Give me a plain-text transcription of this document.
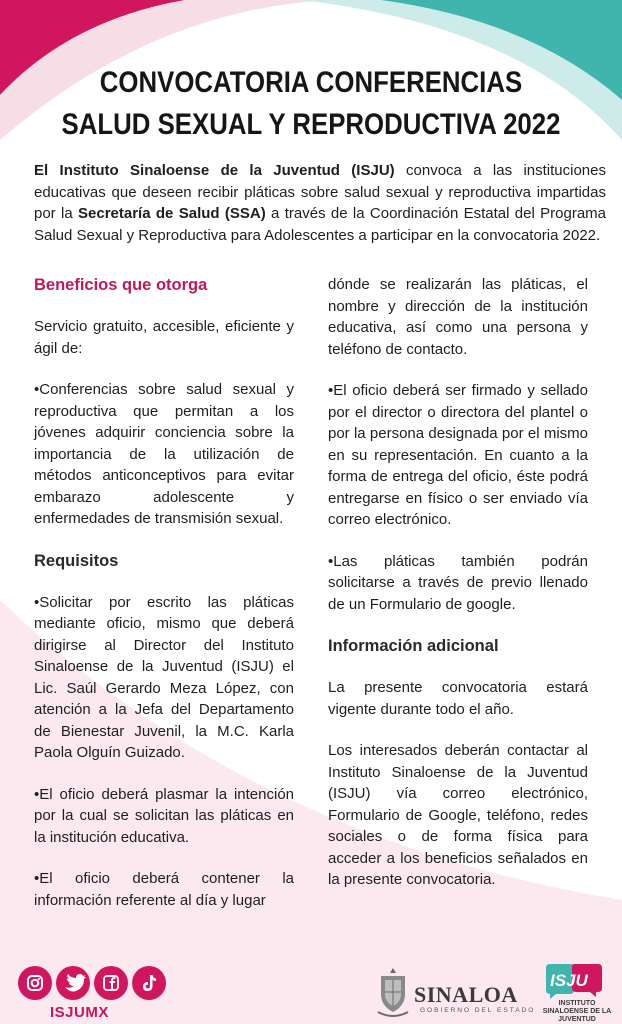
CONVOCATORIA CONFERENCIAS
SALUD SEXUAL Y REPRODUCTIVA 2022
El Instituto Sinaloense de la Juventud (ISJU) convoca a las instituciones educativas que deseen recibir pláticas sobre salud sexual y reproductiva impartidas por la Secretaría de Salud (SSA) a través de la Coordinación Estatal del Programa Salud Sexual y Reproductiva para Adolescentes a participar en la convocatoria 2022.
Beneficios que otorga

Servicio gratuito, accesible, eficiente y ágil de:

•Conferencias sobre salud sexual y reproductiva que permitan a los jóvenes adquirir conciencia sobre la importancia de la utilización de métodos anticonceptivos para evitar embarazo adolescente y enfermedades de transmisión sexual.

Requisitos

•Solicitar por escrito las pláticas mediante oficio, mismo que deberá dirigirse al Director del Instituto Sinaloense de la Juventud (ISJU) el Lic. Saúl Gerardo Meza López, con atención a la Jefa del Departamento de Bienestar Juvenil, la M.C. Karla Paola Olguín Guizado.

•El oficio deberá plasmar la intención por la cual se solicitan las pláticas en la institución educativa.

•El oficio deberá contener la información referente al día y lugar

dónde se realizarán las pláticas, el nombre y dirección de la institución educativa, así como una persona y teléfono de contacto.

•El oficio deberá ser firmado y sellado por el director o directora del plantel o por la persona designada por el mismo en su representación. En cuanto a la forma de entrega del oficio, éste podrá entregarse en físico o ser enviado vía correo electrónico.

•Las pláticas también podrán solicitarse a través de previo llenado de un Formulario de google.

Información adicional

La presente convocatoria estará vigente durante todo el año.

Los interesados deberán contactar al Instituto Sinaloense de la Juventud (ISJU) vía correo electrónico, Formulario de Google, teléfono, redes sociales o de forma física para acceder a los beneficios señalados en la presente convocatoria.

ISJUMX
SINALOA
GOBIERNO DEL ESTADO
ISJU
INSTITUTO SINALOENSE DE LA JUVENTUD
